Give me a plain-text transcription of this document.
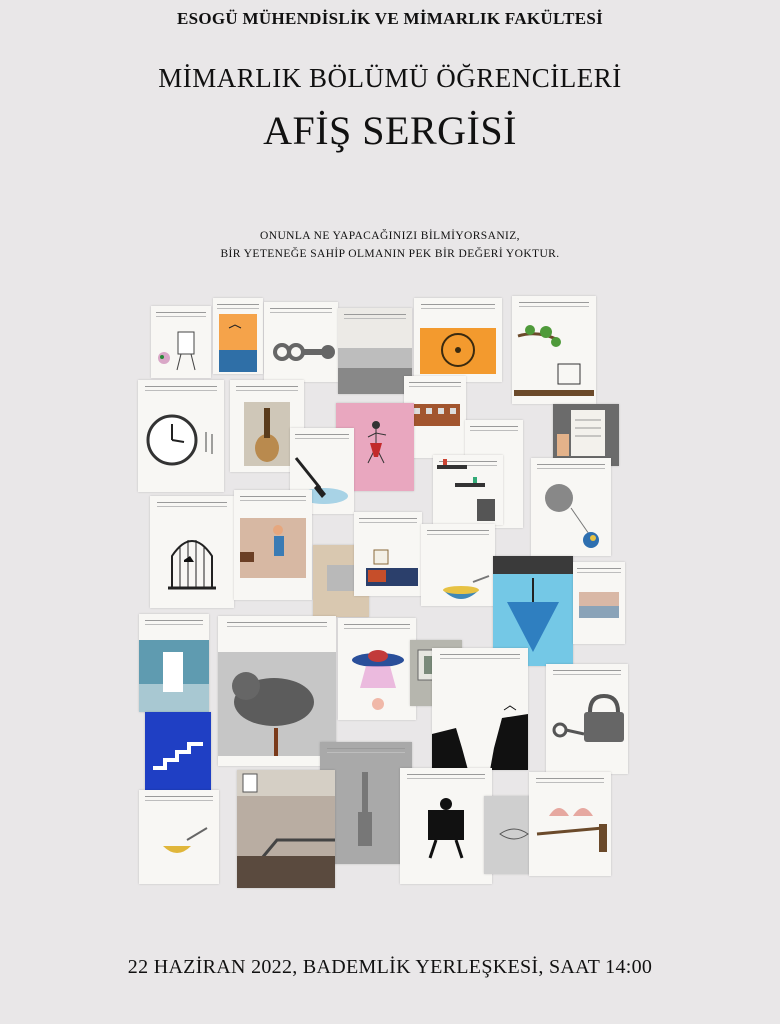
ESOGÜ MÜHENDİSLİK VE MİMARLIK FAKÜLTESİ
MİMARLIK BÖLÜMÜ ÖĞRENCİLERİ
AFİŞ SERGİSİ
ONUNLA NE YAPACAĞINIZI BİLMİYORSANIZ,
BİR YETENEĞE SAHİP OLMANIN PEK BİR DEĞERİ YOKTUR.
22 HAZİRAN 2022, BADEMLİK YERLEŞKESİ, SAAT 14:00
